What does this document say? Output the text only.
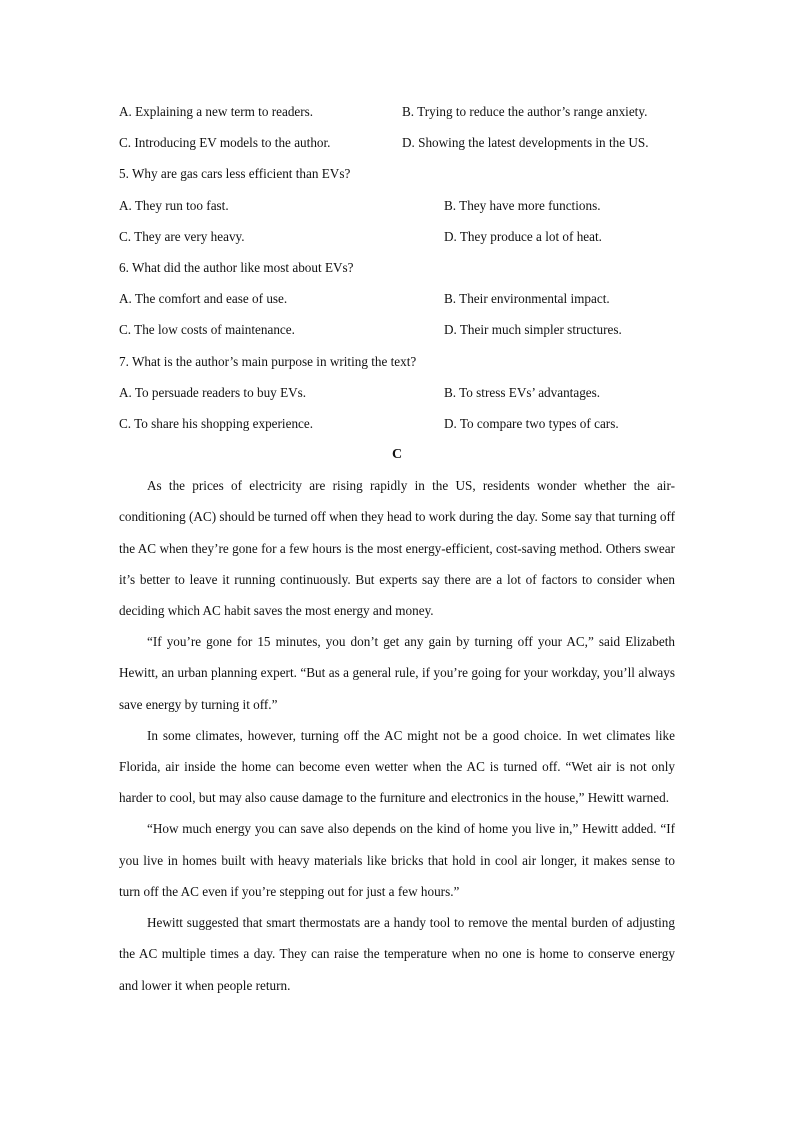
A. Explaining a new term to readers.	B. Trying to reduce the author’s range anxiety.
C. Introducing EV models to the author.	D. Showing the latest developments in the US.
5. Why are gas cars less efficient than EVs?
A. They run too fast.	B. They have more functions.
C. They are very heavy.	D. They produce a lot of heat.
6. What did the author like most about EVs?
A. The comfort and ease of use.	B. Their environmental impact.
C. The low costs of maintenance.	D. Their much simpler structures.
7. What is the author’s main purpose in writing the text?
A. To persuade readers to buy EVs.	B. To stress EVs’ advantages.
C. To share his shopping experience.	D. To compare two types of cars.
C

As the prices of electricity are rising rapidly in the US, residents wonder whether the air-conditioning (AC) should be turned off when they head to work during the day. Some say that turning off the AC when they’re gone for a few hours is the most energy-efficient, cost-saving method. Others swear it’s better to leave it running continuously. But experts say there are a lot of factors to consider when deciding which AC habit saves the most energy and money.

“If you’re gone for 15 minutes, you don’t get any gain by turning off your AC,” said Elizabeth Hewitt, an urban planning expert. “But as a general rule, if you’re going for your workday, you’ll always save energy by turning it off.”

In some climates, however, turning off the AC might not be a good choice. In wet climates like Florida, air inside the home can become even wetter when the AC is turned off. “Wet air is not only harder to cool, but may also cause damage to the furniture and electronics in the house,” Hewitt warned.

“How much energy you can save also depends on the kind of home you live in,” Hewitt added. “If you live in homes built with heavy materials like bricks that hold in cool air longer, it makes sense to turn off the AC even if you’re stepping out for just a few hours.”

Hewitt suggested that smart thermostats are a handy tool to remove the mental burden of adjusting the AC multiple times a day. They can raise the temperature when no one is home to conserve energy and lower it when people return.
